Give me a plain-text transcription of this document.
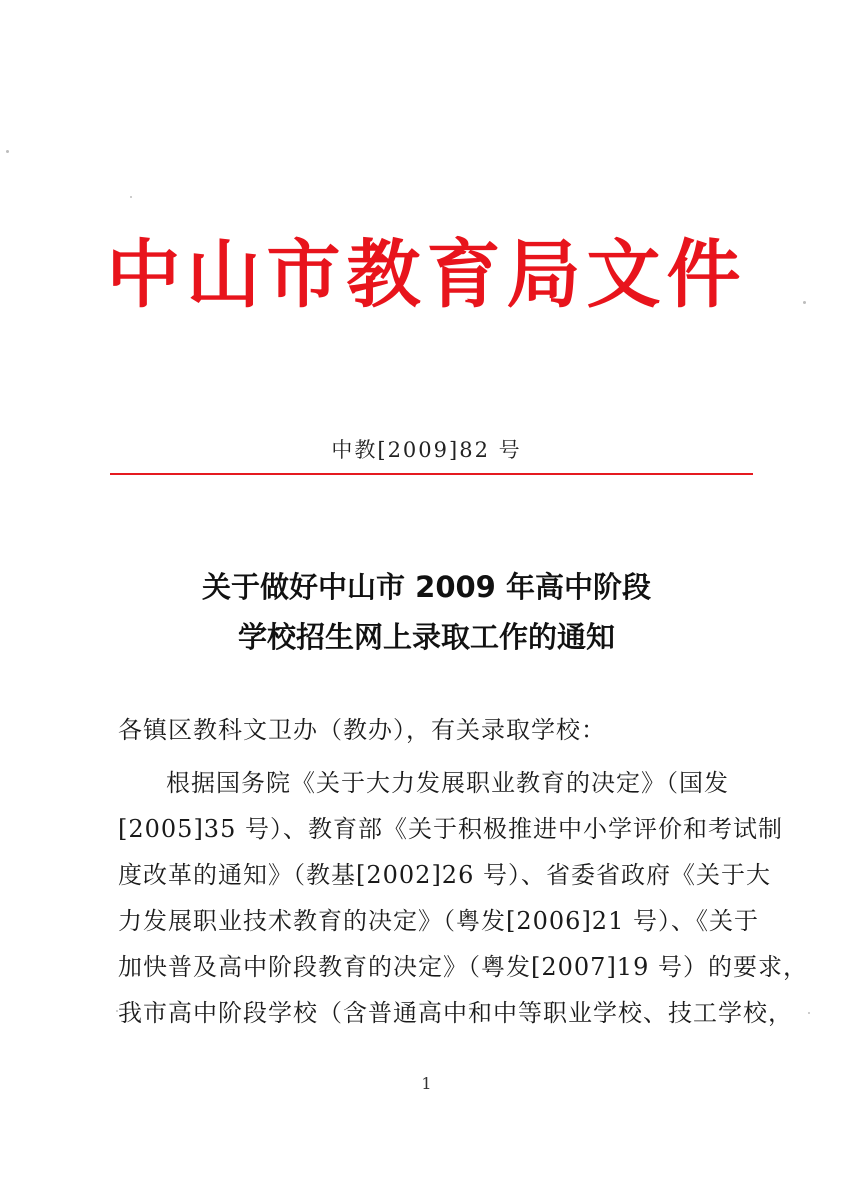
中山市教育局文件
中教[2009]82 号
关于做好中山市 2009 年高中阶段
学校招生网上录取工作的通知
各镇区教科文卫办（教办），有关录取学校：
根据国务院《关于大力发展职业教育的决定》（国发
[2005]35 号）、教育部《关于积极推进中小学评价和考试制
度改革的通知》（教基[2002]26 号）、省委省政府《关于大
力发展职业技术教育的决定》（粤发[2006]21 号）、《关于
加快普及高中阶段教育的决定》（粤发[2007]19 号）的要求，
我市高中阶段学校（含普通高中和中等职业学校、技工学校，
1
